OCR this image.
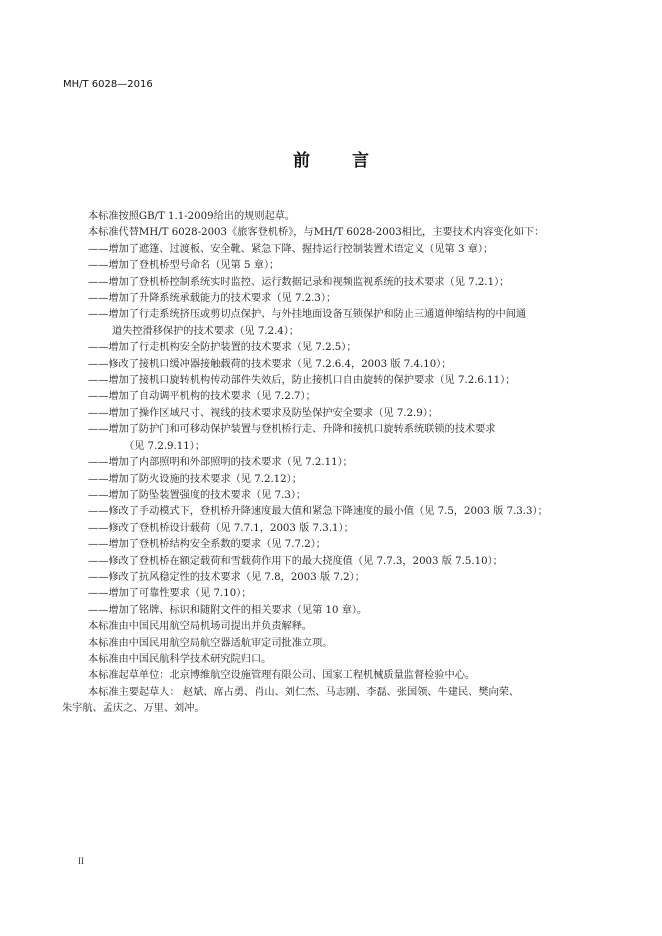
MH/T 6028—2016
前 言
本标准按照GB/T 1.1-2009给出的规则起草。
本标准代替MH/T 6028-2003《旅客登机桥》，与MH/T 6028-2003相比，主要技术内容变化如下：
——增加了遮篷、过渡板、安全靴、紧急下降、握持运行控制装置术语定义（见第 3 章）；
——增加了登机桥型号命名（见第 5 章）；
——增加了登机桥控制系统实时监控、运行数据记录和视频监视系统的技术要求（见 7.2.1）；
——增加了升降系统承载能力的技术要求（见 7.2.3）；
——增加了行走系统挤压或剪切点保护、与外挂地面设备互锁保护和防止三通道伸缩结构的中间通
道失控滑移保护的技术要求（见 7.2.4）；
——增加了行走机构安全防护装置的技术要求（见 7.2.5）；
——修改了接机口缓冲器接触载荷的技术要求（见 7.2.6.4，2003 版 7.4.10）；
——增加了接机口旋转机构传动部件失效后，防止接机口自由旋转的保护要求（见 7.2.6.11）；
——增加了自动调平机构的技术要求（见 7.2.7）；
——增加了操作区域尺寸、视线的技术要求及防坠保护安全要求（见 7.2.9）；
——增加了防护门和可移动保护装置与登机桥行走、升降和接机口旋转系统联锁的技术要求
（见 7.2.9.11）；
——增加了内部照明和外部照明的技术要求（见 7.2.11）；
——增加了防火设施的技术要求（见 7.2.12）；
——增加了防坠装置强度的技术要求（见 7.3）；
——修改了手动模式下，登机桥升降速度最大值和紧急下降速度的最小值（见 7.5，2003 版 7.3.3）；
——修改了登机桥设计载荷（见 7.7.1，2003 版 7.3.1）；
——增加了登机桥结构安全系数的要求（见 7.7.2）；
——修改了登机桥在额定载荷和雪载荷作用下的最大挠度值（见 7.7.3，2003 版 7.5.10）；
——修改了抗风稳定性的技术要求（见 7.8，2003 版 7.2）；
——增加了可靠性要求（见 7.10）；
——增加了铭牌、标识和随附文件的相关要求（见第 10 章）。
本标准由中国民用航空局机场司提出并负责解释。
本标准由中国民用航空局航空器适航审定司批准立项。
本标准由中国民航科学技术研究院归口。
本标准起草单位：北京博维航空设施管理有限公司、国家工程机械质量监督检验中心。
本标准主要起草人： 赵斌、席占勇、肖山、刘仁杰、马志刚、李磊、张国领、牛建民、樊向荣、
朱宇航、孟庆之、万里、刘冲。
II
